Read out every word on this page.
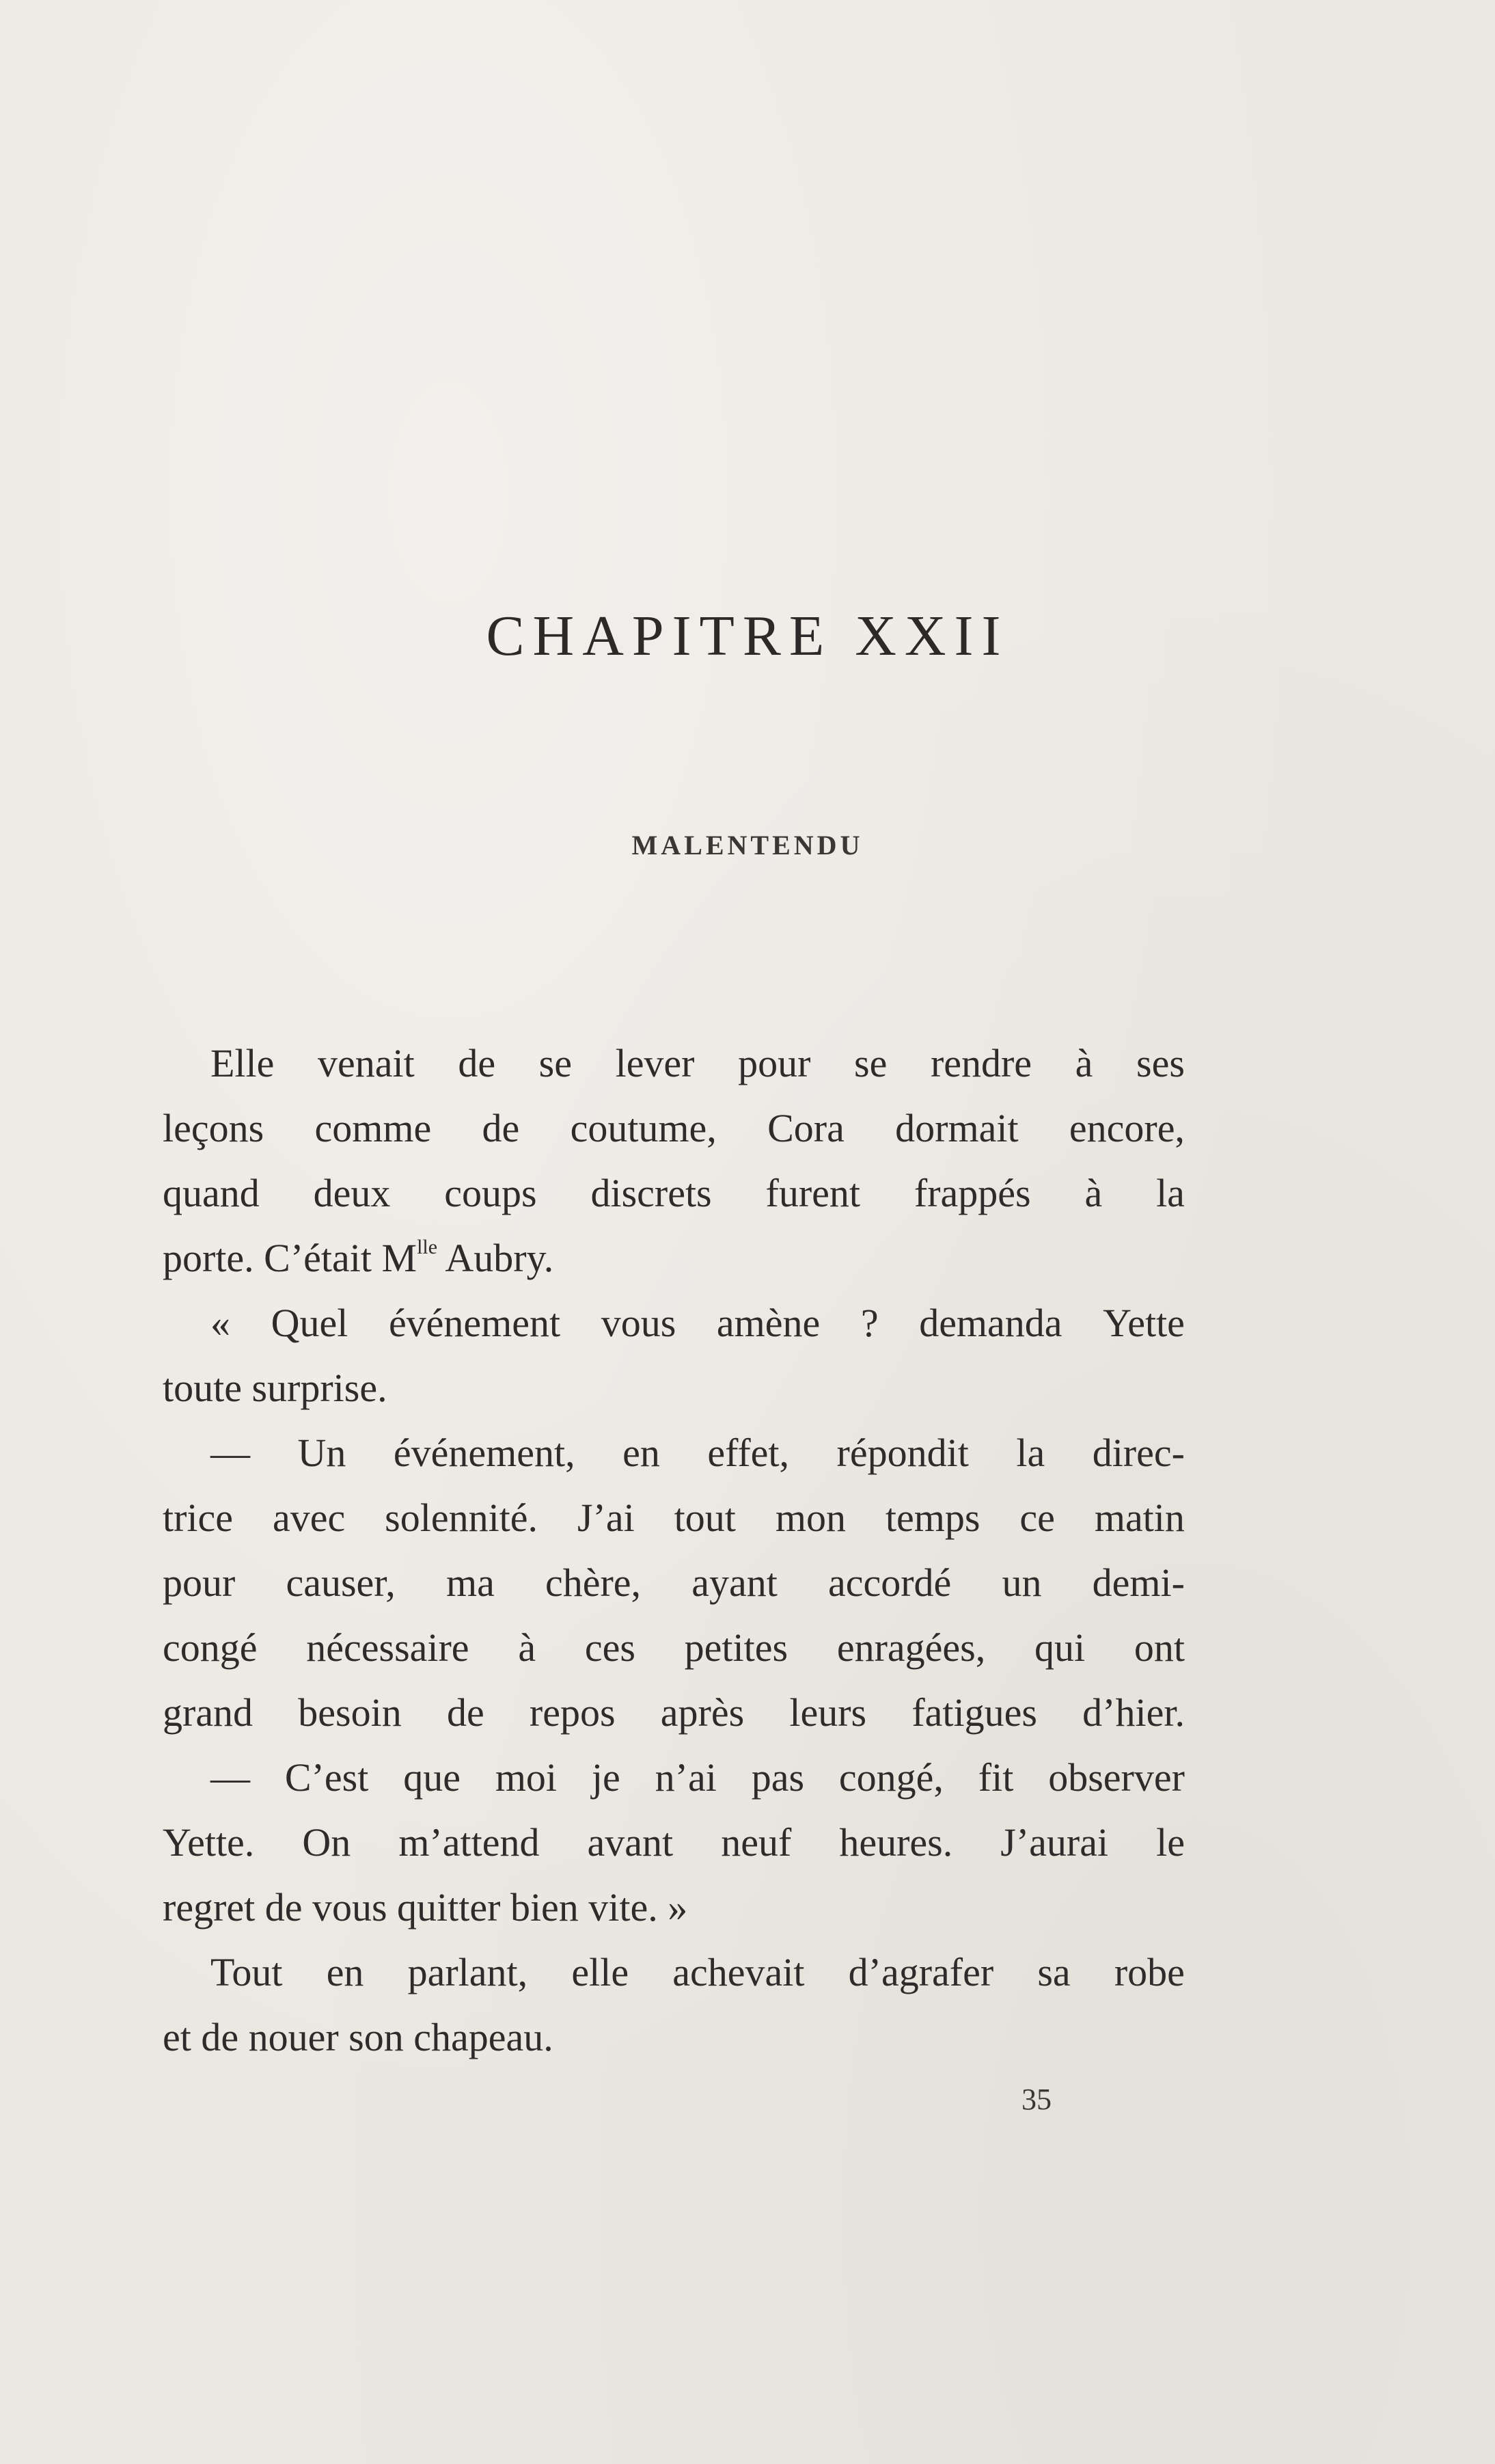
CHAPITRE XXII
MALENTENDU

Elle venait de se lever pour se rendre à ses

leçons comme de coutume, Cora dormait encore,

quand deux coups discrets furent frappés à la

porte. C’était $M^{lle}$ Aubry.

« Quel événement vous amène ? demanda Yette

toute surprise.

— Un événement, en effet, répondit la direc-

trice avec solennité. J’ai tout mon temps ce matin

pour causer, ma chère, ayant accordé un demi-

congé nécessaire à ces petites enragées, qui ont

grand besoin de repos après leurs fatigues d’hier.

— C’est que moi je n’ai pas congé, fit observer

Yette. On m’attend avant neuf heures. J’aurai le

regret de vous quitter bien vite. »

Tout en parlant, elle achevait d’agrafer sa robe

et de nouer son chapeau.

35
